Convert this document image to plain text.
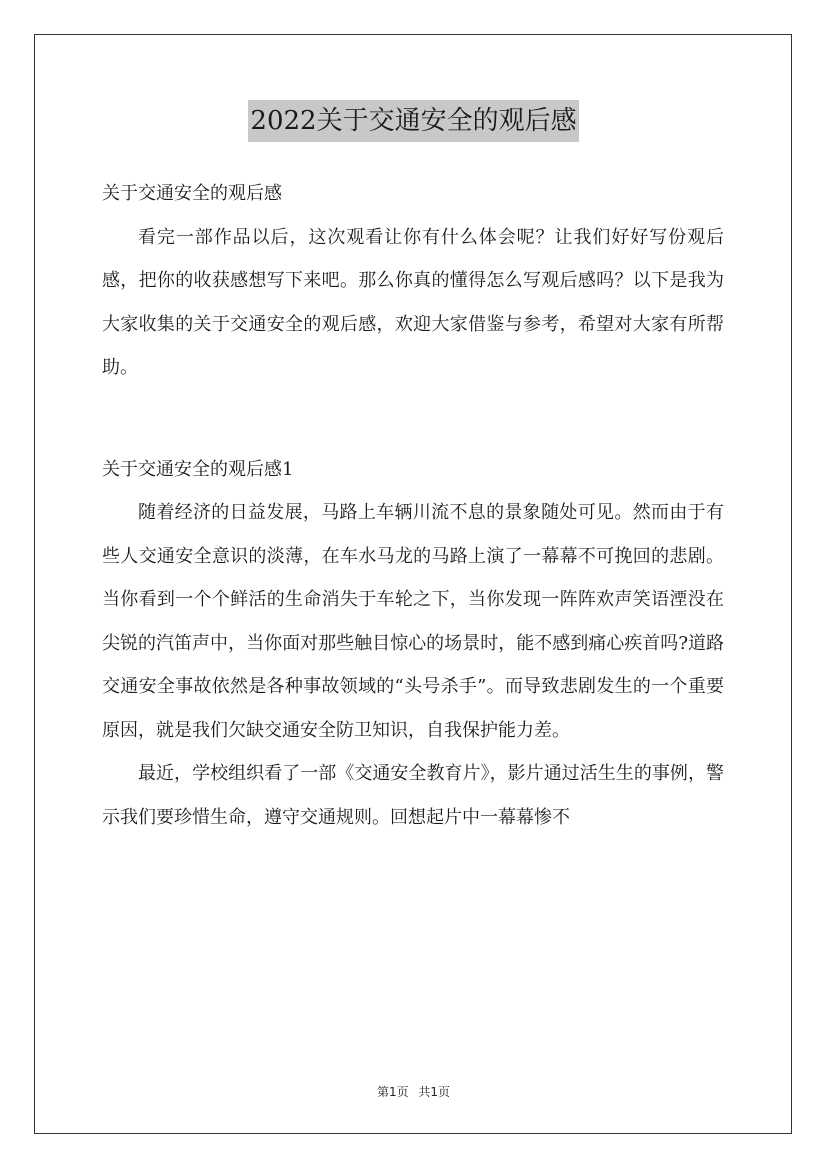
2022关于交通安全的观后感

关于交通安全的观后感

看完一部作品以后，这次观看让你有什么体会呢？让我们好好写份观后感，把你的收获感想写下来吧。那么你真的懂得怎么写观后感吗？以下是我为大家收集的关于交通安全的观后感，欢迎大家借鉴与参考，希望对大家有所帮助。

关于交通安全的观后感1

随着经济的日益发展，马路上车辆川流不息的景象随处可见。然而由于有些人交通安全意识的淡薄，在车水马龙的马路上演了一幕幕不可挽回的悲剧。当你看到一个个鲜活的生命消失于车轮之下，当你发现一阵阵欢声笑语湮没在尖锐的汽笛声中，当你面对那些触目惊心的场景时，能不感到痛心疾首吗?道路交通安全事故依然是各种事故领域的“头号杀手”。而导致悲剧发生的一个重要原因，就是我们欠缺交通安全防卫知识，自我保护能力差。

最近，学校组织看了一部《交通安全教育片》，影片通过活生生的事例，警示我们要珍惜生命，遵守交通规则。回想起片中一幕幕惨不

第1页 共1页
